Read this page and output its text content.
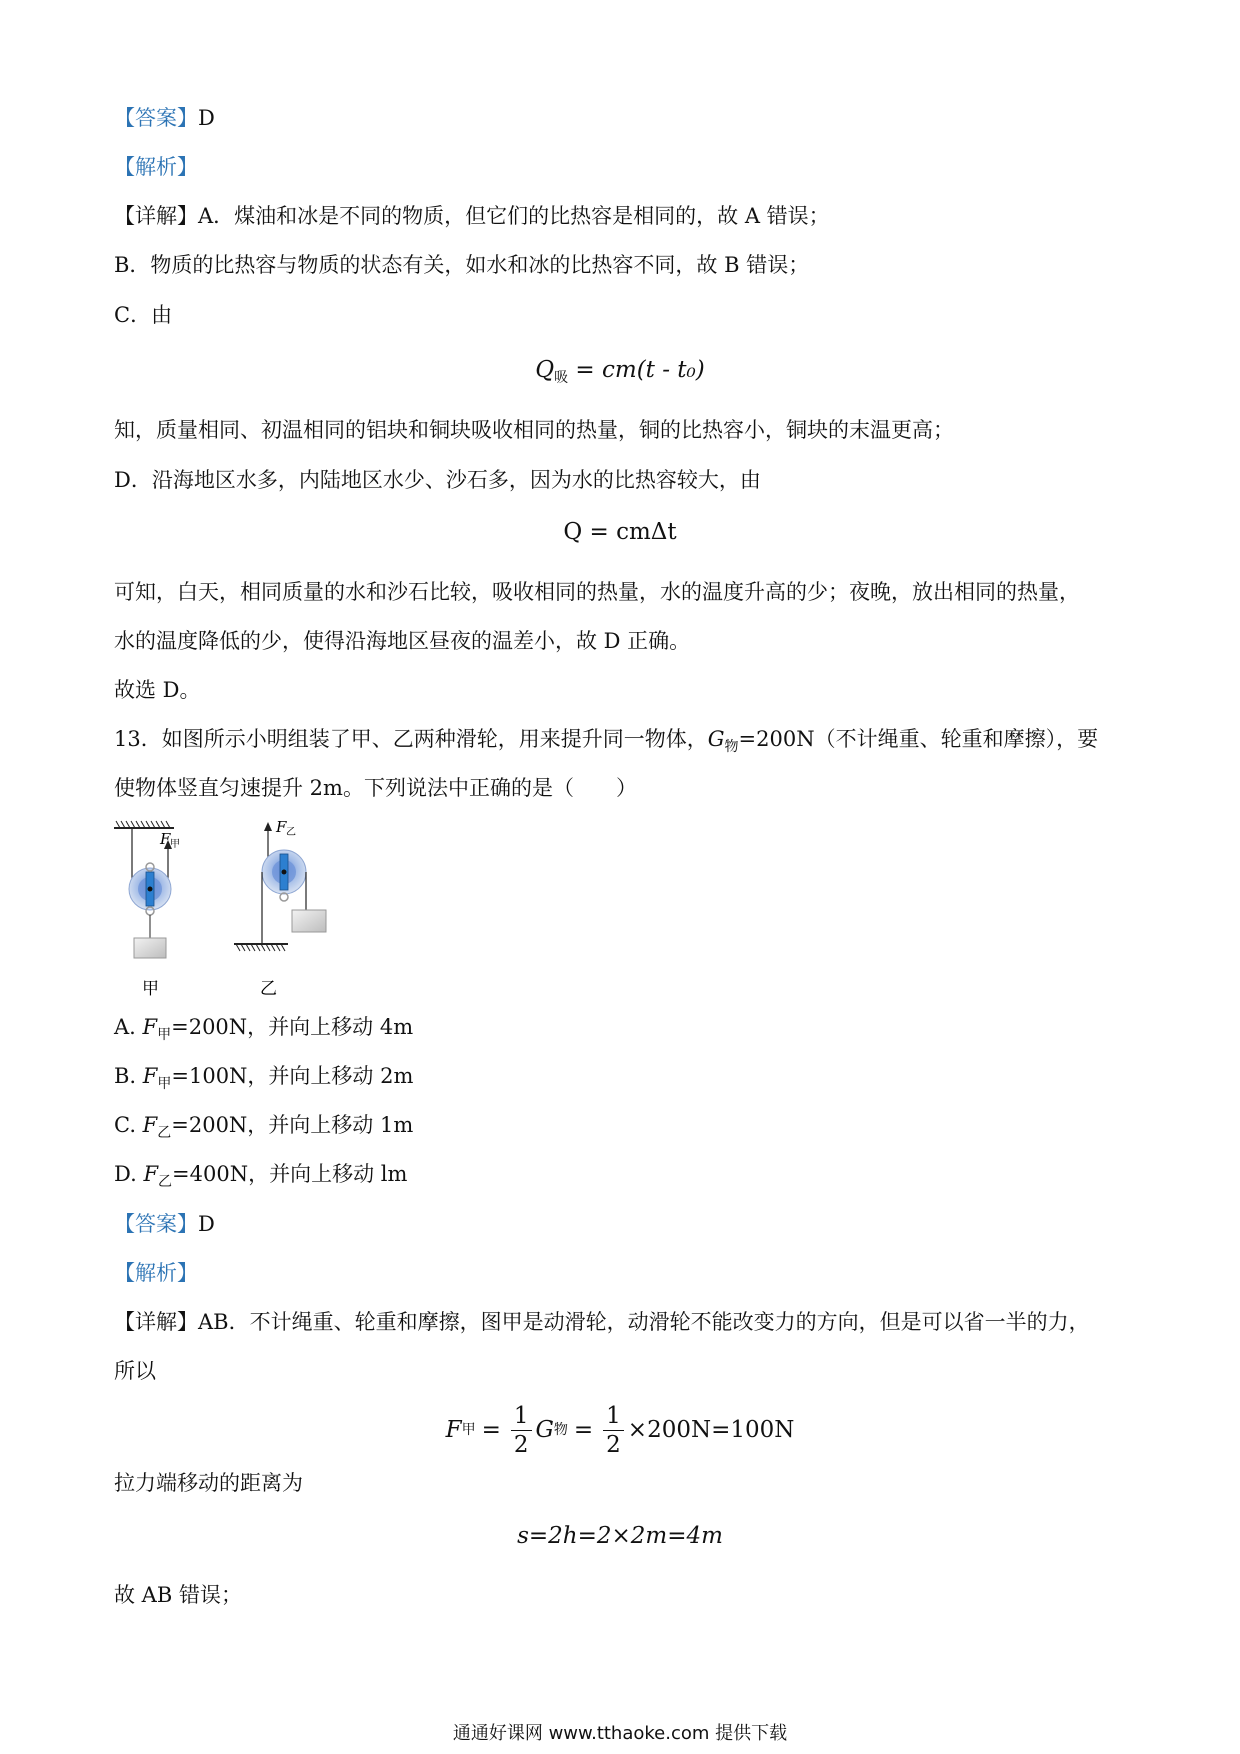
【答案】D
【解析】
【详解】A．煤油和冰是不同的物质，但它们的比热容是相同的，故 A 错误；
B．物质的比热容与物质的状态有关，如水和冰的比热容不同，故 B 错误；
C．由
$Q_吸 = cm(t - t_0)$
知，质量相同、初温相同的铝块和铜块吸收相同的热量，铜的比热容小，铜块的末温更高；
D．沿海地区水多，内陆地区水少、沙石多，因为水的比热容较大，由
Q = cmΔt
可知，白天，相同质量的水和沙石比较，吸收相同的热量，水的温度升高的少；夜晚，放出相同的热量，
水的温度降低的少，使得沿海地区昼夜的温差小，故 D 正确。
故选 D。
13．如图所示小明组装了甲、乙两种滑轮，用来提升同一物体，$G_物=200N$（不计绳重、轮重和摩擦），要
使物体竖直匀速提升 2m。下列说法中正确的是（　　）
F 甲
甲
F 乙
乙
A. $F_甲=200N$，并向上移动 4m
B. $F_甲=100N$，并向上移动 2m
C. $F_乙=200N$，并向上移动 1m
D. $F_乙=400N$，并向上移动 lm
【答案】D
【解析】
【详解】AB．不计绳重、轮重和摩擦，图甲是动滑轮，动滑轮不能改变力的方向，但是可以省一半的力，
所以
F 甲 = $\frac{1}{2}$ G 物 = $\frac{1}{2} \times 200N=100N$
拉力端移动的距离为
s=2h=2×2m=4m
故 AB 错误；
通通好课网 www.tthaoke.com 提供下载
